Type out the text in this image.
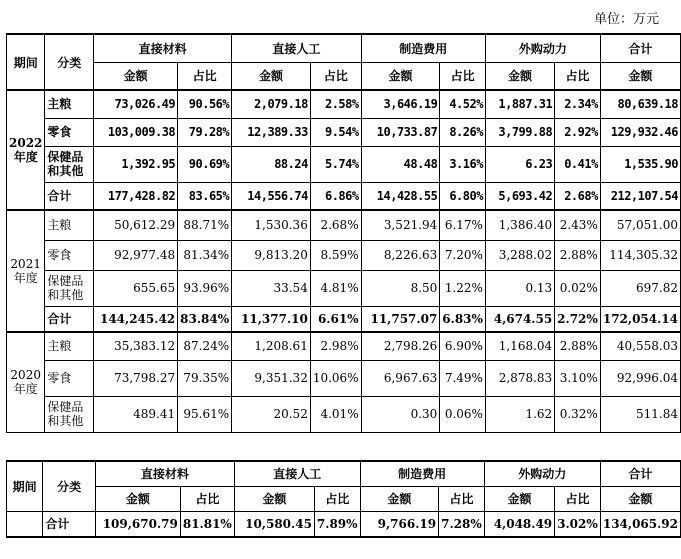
单位：万元
期间	分类	直接材料		直接人工		制造费用		外购动力		合计
		金额	占比	金额	占比	金额	占比	金额	占比	金额
2022年度	主粮	73,026.49	90.56%	2,079.18	2.58%	3,646.19	4.52%	1,887.31	2.34%	80,639.18
	零食	103,009.38	79.28%	12,389.33	9.54%	10,733.87	8.26%	3,799.88	2.92%	129,932.46
	保健品和其他	1,392.95	90.69%	88.24	5.74%	48.48	3.16%	6.23	0.41%	1,535.90
	合计	177,428.82	83.65%	14,556.74	6.86%	14,428.55	6.80%	5,693.42	2.68%	212,107.54
2021年度	主粮	50,612.29	88.71%	1,530.36	2.68%	3,521.94	6.17%	1,386.40	2.43%	57,051.00
	零食	92,977.48	81.34%	9,813.20	8.59%	8,226.63	7.20%	3,288.02	2.88%	114,305.32
	保健品和其他	655.65	93.96%	33.54	4.81%	8.50	1.22%	0.13	0.02%	697.82
	合计	144,245.42	83.84%	11,377.10	6.61%	11,757.07	6.83%	4,674.55	2.72%	172,054.14
2020年度	主粮	35,383.12	87.24%	1,208.61	2.98%	2,798.26	6.90%	1,168.04	2.88%	40,558.03
	零食	73,798.27	79.35%	9,351.32	10.06%	6,967.63	7.49%	2,878.83	3.10%	92,996.04
	保健品和其他	489.41	95.61%	20.52	4.01%	0.30	0.06%	1.62	0.32%	511.84
期间	分类	直接材料		直接人工		制造费用		外购动力		合计
		金额	占比	金额	占比	金额	占比	金额	占比	金额
	合计	109,670.79	81.81%	10,580.45	7.89%	9,766.19	7.28%	4,048.49	3.02%	134,065.92
